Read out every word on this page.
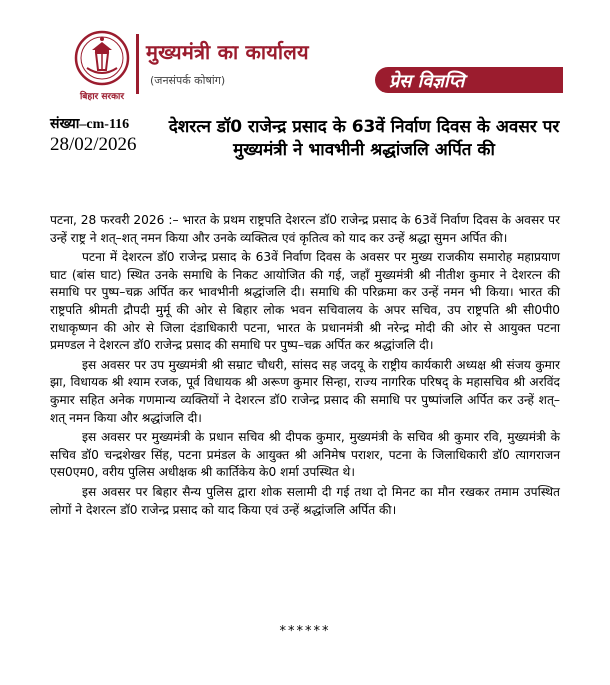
बिहार सरकार
मुख्यमंत्री का कार्यालय
(जनसंपर्क कोषांग)	प्रेस विज्ञप्ति
संख्या–cm-116
28/02/2026
देशरत्न डॉ0 राजेन्द्र प्रसाद के 63वें निर्वाण दिवस के अवसर पर मुख्यमंत्री ने भावभीनी श्रद्धांजलि अर्पित की

पटना, 28 फरवरी 2026 :– भारत के प्रथम राष्ट्रपति देशरत्न डॉ0 राजेन्द्र प्रसाद के 63वें निर्वाण दिवस के अवसर पर उन्हें राष्ट्र ने शत्–शत् नमन किया और उनके व्यक्तित्व एवं कृतित्व को याद कर उन्हें श्रद्धा सुमन अर्पित की।

पटना में देशरत्न डॉ0 राजेन्द्र प्रसाद के 63वें निर्वाण दिवस के अवसर पर मुख्य राजकीय समारोह महाप्रयाण घाट (बांस घाट) स्थित उनके समाधि के निकट आयोजित की गई, जहाँ मुख्यमंत्री श्री नीतीश कुमार ने देशरत्न की समाधि पर पुष्प–चक्र अर्पित कर भावभीनी श्रद्धांजलि दी। समाधि की परिक्रमा कर उन्हें नमन भी किया। भारत की राष्ट्रपति श्रीमती द्रौपदी मुर्मू की ओर से बिहार लोक भवन सचिवालय के अपर सचिव, उप राष्ट्रपति श्री सी0पी0 राधाकृष्णन की ओर से जिला दंडाधिकारी पटना, भारत के प्रधानमंत्री श्री नरेन्द्र मोदी की ओर से आयुक्त पटना प्रमण्डल ने देशरत्न डॉ0 राजेन्द्र प्रसाद की समाधि पर पुष्प–चक्र अर्पित कर श्रद्धांजलि दी।

इस अवसर पर उप मुख्यमंत्री श्री सम्राट चौधरी, सांसद सह जदयू के राष्ट्रीय कार्यकारी अध्यक्ष श्री संजय कुमार झा, विधायक श्री श्याम रजक, पूर्व विधायक श्री अरूण कुमार सिन्हा, राज्य नागरिक परिषद् के महासचिव श्री अरविंद कुमार सहित अनेक गणमान्य व्यक्तियों ने देशरत्न डॉ0 राजेन्द्र प्रसाद की समाधि पर पुष्पांजलि अर्पित कर उन्हें शत्–शत् नमन किया और श्रद्धांजलि दी।

इस अवसर पर मुख्यमंत्री के प्रधान सचिव श्री दीपक कुमार, मुख्यमंत्री के सचिव श्री कुमार रवि, मुख्यमंत्री के सचिव डॉ0 चन्द्रशेखर सिंह, पटना प्रमंडल के आयुक्त श्री अनिमेष पराशर, पटना के जिलाधिकारी डॉ0 त्यागराजन एस0एम0, वरीय पुलिस अधीक्षक श्री कार्तिकेय के0 शर्मा उपस्थित थे।

इस अवसर पर बिहार सैन्य पुलिस द्वारा शोक सलामी दी गई तथा दो मिनट का मौन रखकर तमाम उपस्थित लोगों ने देशरत्न डॉ0 राजेन्द्र प्रसाद को याद किया एवं उन्हें श्रद्धांजलि अर्पित की।

******
